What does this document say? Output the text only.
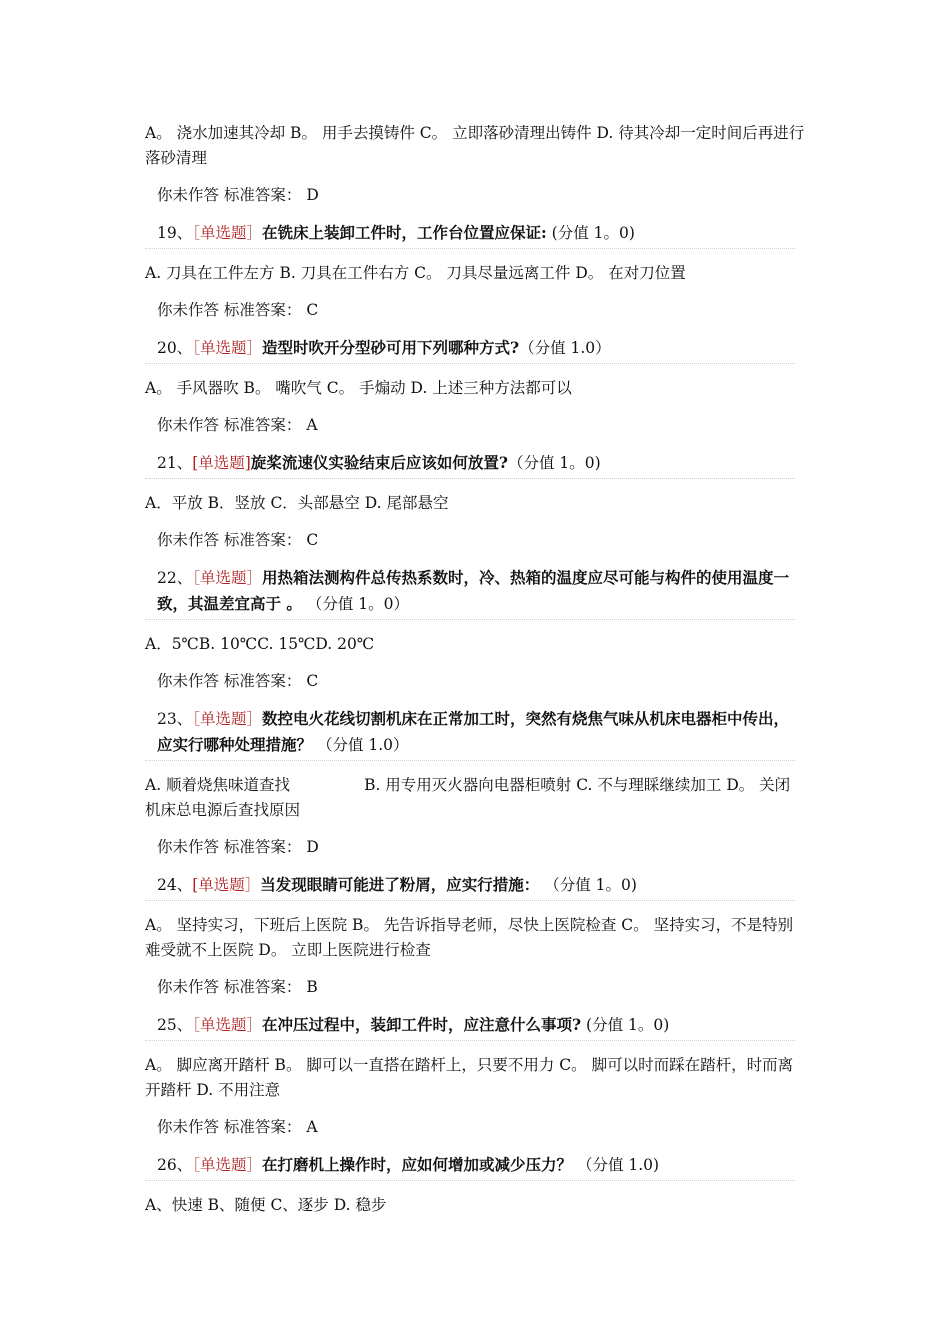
A。 浇水加速其冷却 B。 用手去摸铸件 C。 立即落砂清理出铸件 D. 待其冷却一定时间后再进行落砂清理

你未作答 标准答案： D

19、［单选题］在铣床上装卸工件时，工作台位置应保证: (分值 1。0)

A. 刀具在工件左方 B. 刀具在工件右方 C。 刀具尽量远离工件 D。 在对刀位置

你未作答 标准答案： C

20、［单选题］造型时吹开分型砂可用下列哪种方式?（分值 1.0）

A。 手风器吹 B。 嘴吹气 C。 手煽动 D. 上述三种方法都可以

你未作答 标准答案： A

21、[单选题]旋桨流速仪实验结束后应该如何放置?（分值 1。0)

A．平放 B．竖放 C．头部悬空 D. 尾部悬空

你未作答 标准答案： C

22、［单选题］用热箱法测构件总传热系数时，冷、热箱的温度应尽可能与构件的使用温度一致，其温差宜高于 。 （分值 1。0）

A．5℃B. 10℃C. 15℃D. 20℃

你未作答 标准答案： C

23、［单选题］数控电火花线切割机床在正常加工时，突然有烧焦气味从机床电器柜中传出，应实行哪种处理措施？ （分值 1.0）

A. 顺着烧焦味道查找	B. 用专用灭火器向电器柜喷射 C. 不与理睬继续加工 D。 关闭机床总电源后查找原因

你未作答 标准答案： D

24、[单选题］当发现眼睛可能进了粉屑，应实行措施： （分值 1。0)

A。 坚持实习，下班后上医院 B。 先告诉指导老师，尽快上医院检查 C。 坚持实习，不是特别难受就不上医院 D。 立即上医院进行检查

你未作答 标准答案： B

25、［单选题］在冲压过程中，装卸工件时，应注意什么事项? (分值 1。0)

A。 脚应离开踏杆 B。 脚可以一直搭在踏杆上，只要不用力 C。 脚可以时而踩在踏杆，时而离开踏杆 D. 不用注意

你未作答 标准答案： A

26、［单选题］在打磨机上操作时，应如何增加或减少压力？ （分值 1.0)

A、快速 B、随便 C、逐步 D. 稳步
